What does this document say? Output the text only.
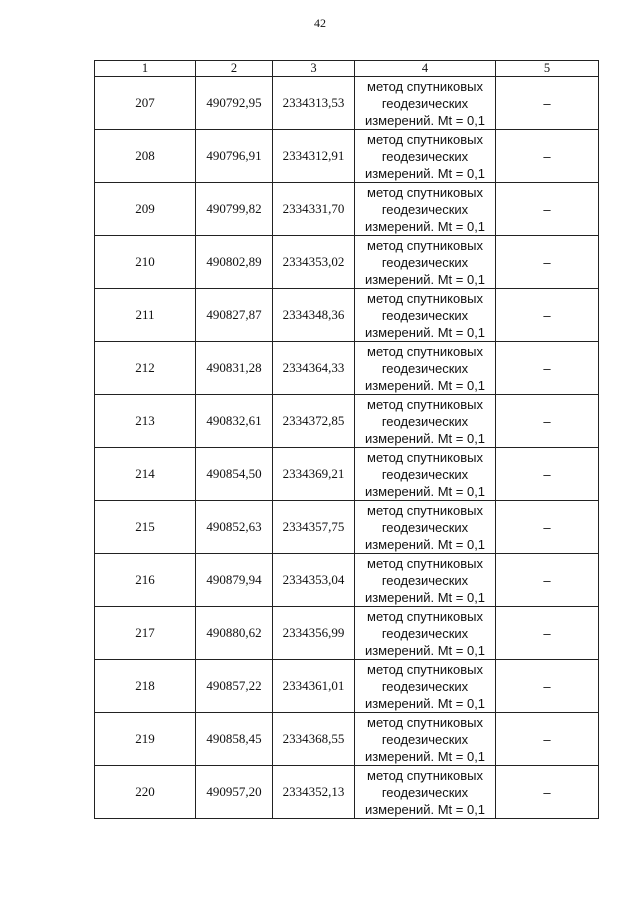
42
1	2	3	4	5
207	490792,95	2334313,53	метод спутниковых
геодезических
измерений. Mt = 0,1	–
208	490796,91	2334312,91	метод спутниковых
геодезических
измерений. Mt = 0,1	–
209	490799,82	2334331,70	метод спутниковых
геодезических
измерений. Mt = 0,1	–
210	490802,89	2334353,02	метод спутниковых
геодезических
измерений. Mt = 0,1	–
211	490827,87	2334348,36	метод спутниковых
геодезических
измерений. Mt = 0,1	–
212	490831,28	2334364,33	метод спутниковых
геодезических
измерений. Mt = 0,1	–
213	490832,61	2334372,85	метод спутниковых
геодезических
измерений. Mt = 0,1	–
214	490854,50	2334369,21	метод спутниковых
геодезических
измерений. Mt = 0,1	–
215	490852,63	2334357,75	метод спутниковых
геодезических
измерений. Mt = 0,1	–
216	490879,94	2334353,04	метод спутниковых
геодезических
измерений. Mt = 0,1	–
217	490880,62	2334356,99	метод спутниковых
геодезических
измерений. Mt = 0,1	–
218	490857,22	2334361,01	метод спутниковых
геодезических
измерений. Mt = 0,1	–
219	490858,45	2334368,55	метод спутниковых
геодезических
измерений. Mt = 0,1	–
220	490957,20	2334352,13	метод спутниковых
геодезических
измерений. Mt = 0,1	–
